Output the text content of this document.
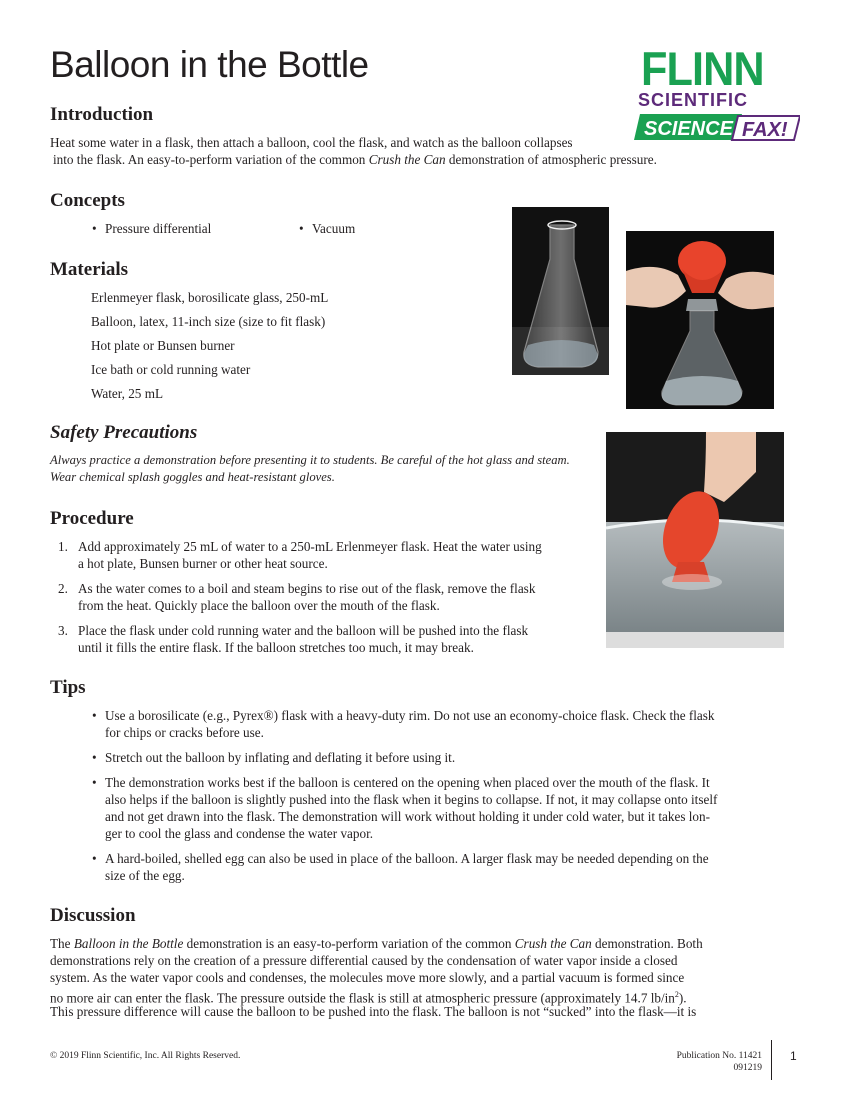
Balloon in the Bottle	FLINN
SCIENTIFIC
SCIENCE FAX!
Introduction
Heat some water in a flask, then attach a balloon, cool the flask, and watch as the balloon collapses
into the flask. An easy-to-perform variation of the common Crush the Can demonstration of atmospheric pressure.
Concepts
• Pressure differential	• Vacuum
Materials
Erlenmeyer flask, borosilicate glass, 250-mL
Balloon, latex, 11-inch size (size to fit flask)
Hot plate or Bunsen burner
Ice bath or cold running water
Water, 25 mL
Safety Precautions
Always practice a demonstration before presenting it to students. Be careful of the hot glass and steam.
Wear chemical splash goggles and heat-resistant gloves.
Procedure
1. Add approximately 25 mL of water to a 250-mL Erlenmeyer flask. Heat the water using
a hot plate, Bunsen burner or other heat source.
2. As the water comes to a boil and steam begins to rise out of the flask, remove the flask
from the heat. Quickly place the balloon over the mouth of the flask.
3. Place the flask under cold running water and the balloon will be pushed into the flask
until it fills the entire flask. If the balloon stretches too much, it may break.
Tips
• Use a borosilicate (e.g., Pyrex®) flask with a heavy-duty rim. Do not use an economy-choice flask. Check the flask
for chips or cracks before use.
• Stretch out the balloon by inflating and deflating it before using it.
• The demonstration works best if the balloon is centered on the opening when placed over the mouth of the flask. It
also helps if the balloon is slightly pushed into the flask when it begins to collapse. If not, it may collapse onto itself
and not get drawn into the flask. The demonstration will work without holding it under cold water, but it takes lon-
ger to cool the glass and condense the water vapor.
• A hard-boiled, shelled egg can also be used in place of the balloon. A larger flask may be needed depending on the
size of the egg.
Discussion
The Balloon in the Bottle demonstration is an easy-to-perform variation of the common Crush the Can demonstration. Both
demonstrations rely on the creation of a pressure differential caused by the condensation of water vapor inside a closed
system. As the water vapor cools and condenses, the molecules move more slowly, and a partial vacuum is formed since
no more air can enter the flask. The pressure outside the flask is still at atmospheric pressure (approximately 14.7 $lb/in^2$).
This pressure difference will cause the balloon to be pushed into the flask. The balloon is not “sucked” into the flask—it is
© 2019 Flinn Scientific, Inc. All Rights Reserved.	Publication No. 11421
091219
1
